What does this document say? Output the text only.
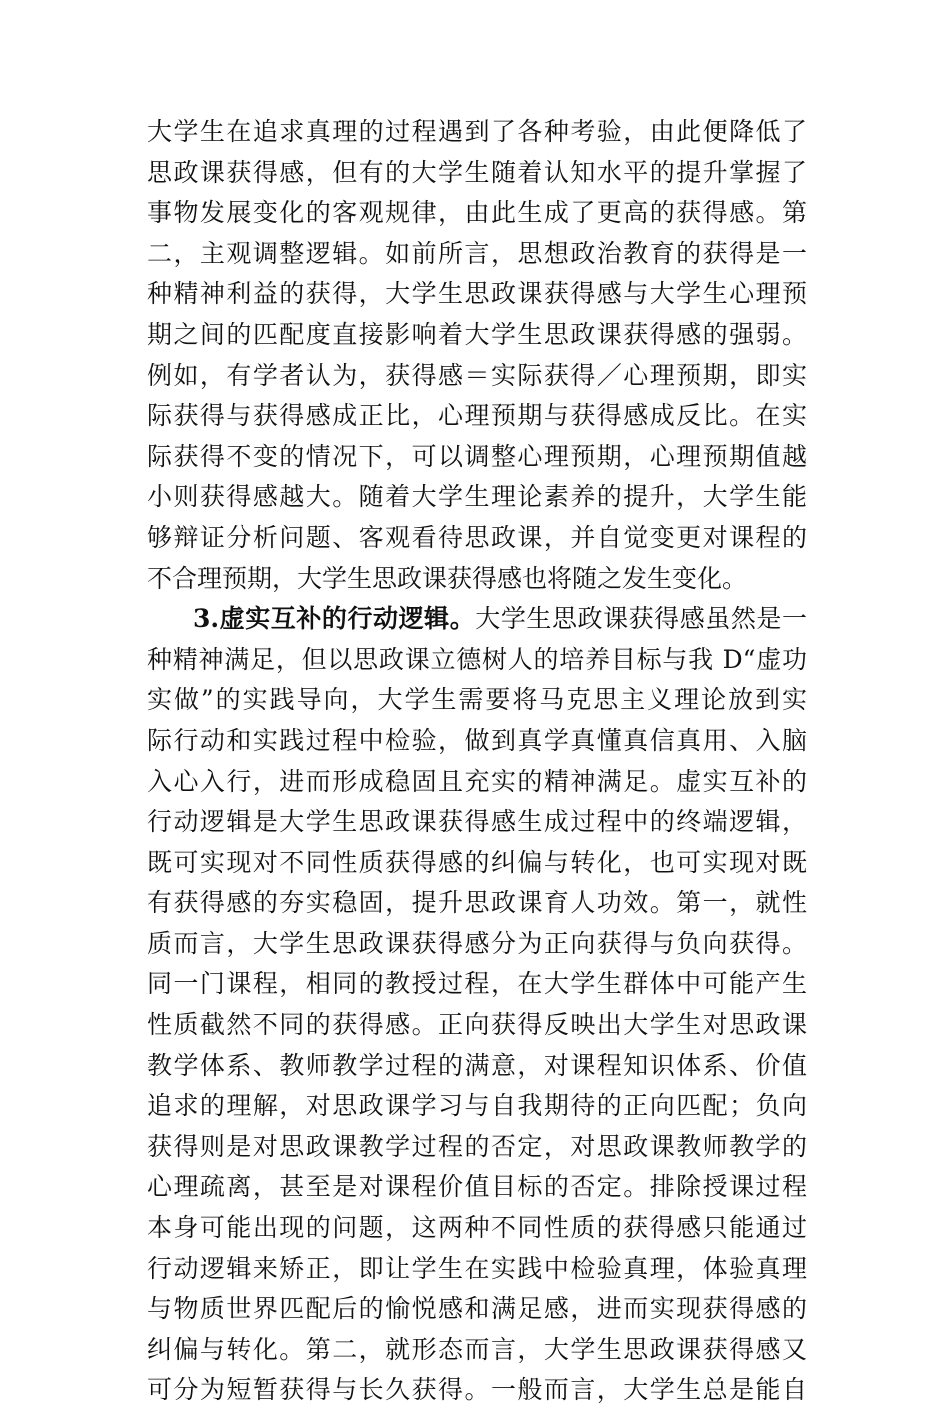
大学生在追求真理的过程遇到了各种考验，由此便降低了
思政课获得感，但有的大学生随着认知水平的提升掌握了
事物发展变化的客观规律，由此生成了更高的获得感。第
二，主观调整逻辑。如前所言，思想政治教育的获得是一
种精神利益的获得，大学生思政课获得感与大学生心理预
期之间的匹配度直接影响着大学生思政课获得感的强弱。
例如，有学者认为，获得感＝实际获得／心理预期，即实
际获得与获得感成正比，心理预期与获得感成反比。在实
际获得不变的情况下，可以调整心理预期，心理预期值越
小则获得感越大。随着大学生理论素养的提升，大学生能
够辩证分析问题、客观看待思政课，并自觉变更对课程的
不合理预期，大学生思政课获得感也将随之发生变化。
3.虚实互补的行动逻辑。大学生思政课获得感虽然是一
种精神满足，但以思政课立德树人的培养目标与我 D“虚功
实做”的实践导向，大学生需要将马克思主义理论放到实
际行动和实践过程中检验，做到真学真懂真信真用、入脑
入心入行，进而形成稳固且充实的精神满足。虚实互补的
行动逻辑是大学生思政课获得感生成过程中的终端逻辑，
既可实现对不同性质获得感的纠偏与转化，也可实现对既
有获得感的夯实稳固，提升思政课育人功效。第一，就性
质而言，大学生思政课获得感分为正向获得与负向获得。
同一门课程，相同的教授过程，在大学生群体中可能产生
性质截然不同的获得感。正向获得反映出大学生对思政课
教学体系、教师教学过程的满意，对课程知识体系、价值
追求的理解，对思政课学习与自我期待的正向匹配；负向
获得则是对思政课教学过程的否定，对思政课教师教学的
心理疏离，甚至是对课程价值目标的否定。排除授课过程
本身可能出现的问题，这两种不同性质的获得感只能通过
行动逻辑来矫正，即让学生在实践中检验真理，体验真理
与物质世界匹配后的愉悦感和满足感，进而实现获得感的
纠偏与转化。第二，就形态而言，大学生思政课获得感又
可分为短暂获得与长久获得。一般而言，大学生总是能自
